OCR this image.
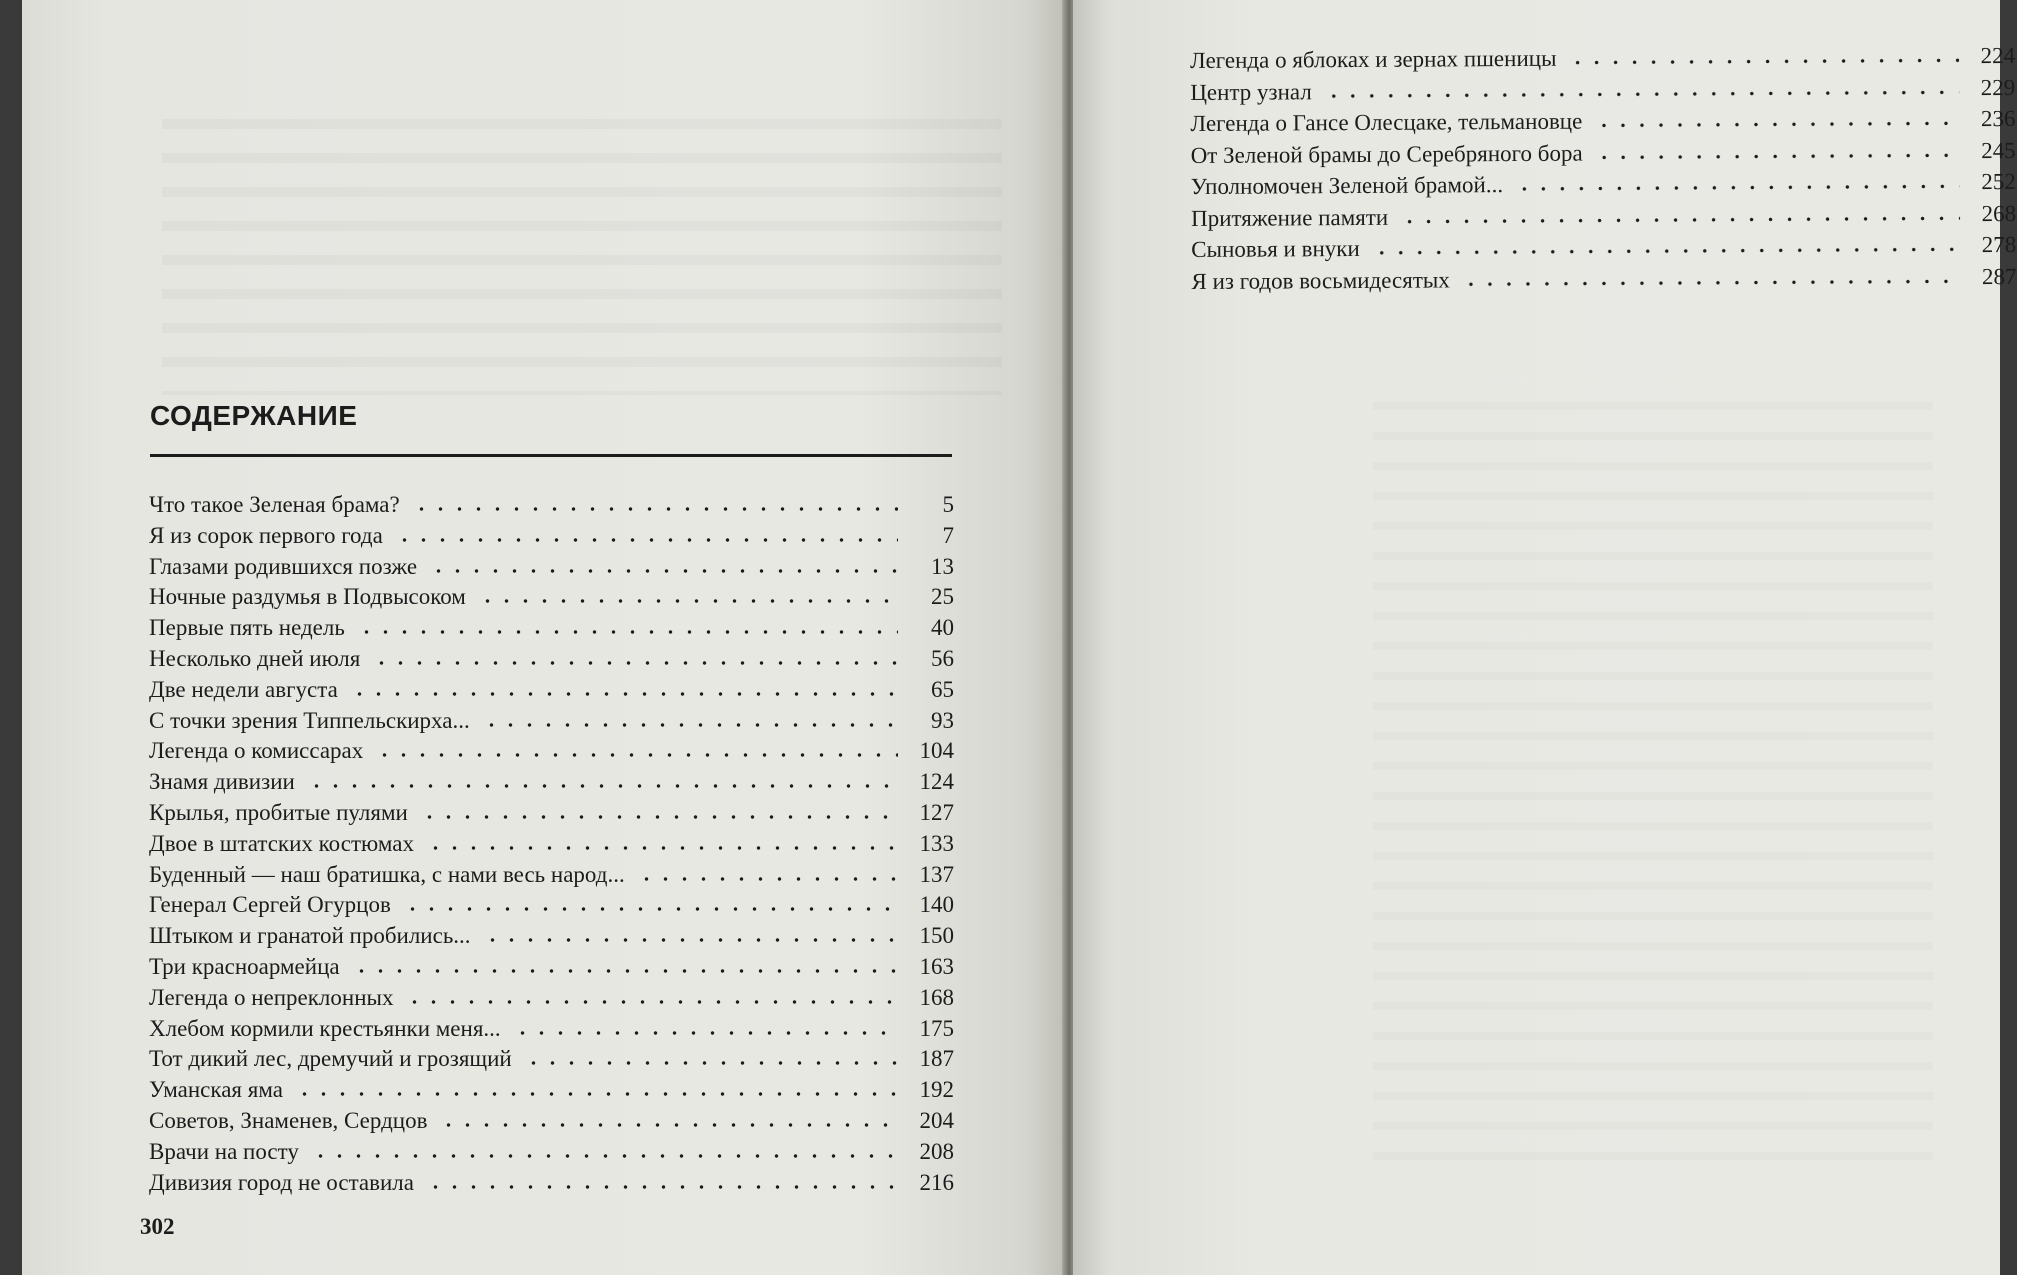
СОДЕРЖАНИЕ
Что такое Зеленая брама?	5
Я из сорок первого года	7
Глазами родившихся позже	13
Ночные раздумья в Подвысоком	25
Первые пять недель	40
Несколько дней июля	56
Две недели августа	65
С точки зрения Типпельскирха...	93
Легенда о комиссарах	104
Знамя дивизии	124
Крылья, пробитые пулями	127
Двое в штатских костюмах	133
Буденный — наш братишка, с нами весь народ...	137
Генерал Сергей Огурцов	140
Штыком и гранатой пробились...	150
Три красноармейца	163
Легенда о непреклонных	168
Хлебом кормили крестьянки меня...	175
Тот дикий лес, дремучий и грозящий	187
Уманская яма	192
Советов, Знаменев, Сердцов	204
Врачи на посту	208
Дивизия город не оставила	216
302
Легенда о яблоках и зернах пшеницы	224
Центр узнал	229
Легенда о Гансе Олесцаке, тельмановце	236
От Зеленой брамы до Серебряного бора	245
Уполномочен Зеленой брамой...	252
Притяжение памяти	268
Сыновья и внуки	278
Я из годов восьмидесятых	287
